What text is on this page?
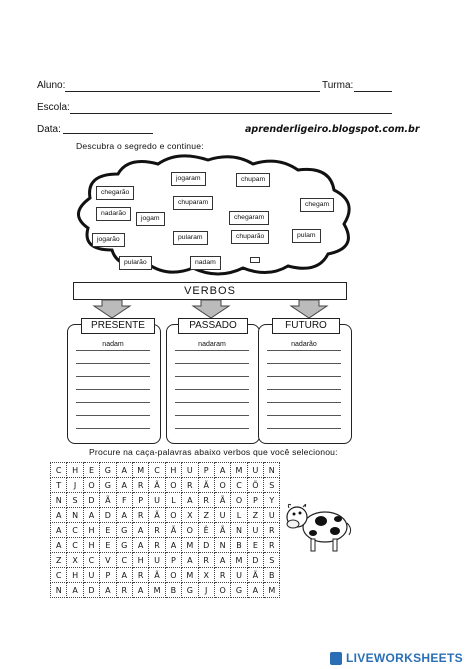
Aluno:	Turma:
Escola:
Data:	aprenderligeiro.blogspot.com.br
Descubra o segredo e continue:
jogaram	chupam
chegarão
chuparam	chegam
nadarão
jogam	chegaram
pulam
jogarão	pularam	chuparão
pularão	nadam
VERBOS
PRESENTE	PASSADO	FUTURO
nadam	nadaram	nadarão
Procure na caça-palavras abaixo verbos que você selecionou:
C	H	E	G	A	M	C	H	U	P	A	M	U	N
T	J	O	G	A	R	Ã	O	R	Ã	O	C	Õ	S
N	S	D	Ã	F	P	U	L	A	R	Ã	O	P	Y
A	N	A	D	A	R	Ã	O	X	Z	U	L	Z	U
A	C	H	E	G	A	R	Ã	O	Ê	Ã	N	U	R
A	C	H	E	G	A	R	A	M	D	N	B	E	R
Z	X	C	V	C	H	U	P	A	R	A	M	D	S
C	H	U	P	A	R	Ã	O	M	X	R	U	Ã	B
N	A	D	A	R	A	M	B	G	J	O	G	A	M
LIVEWORKSHEETS
